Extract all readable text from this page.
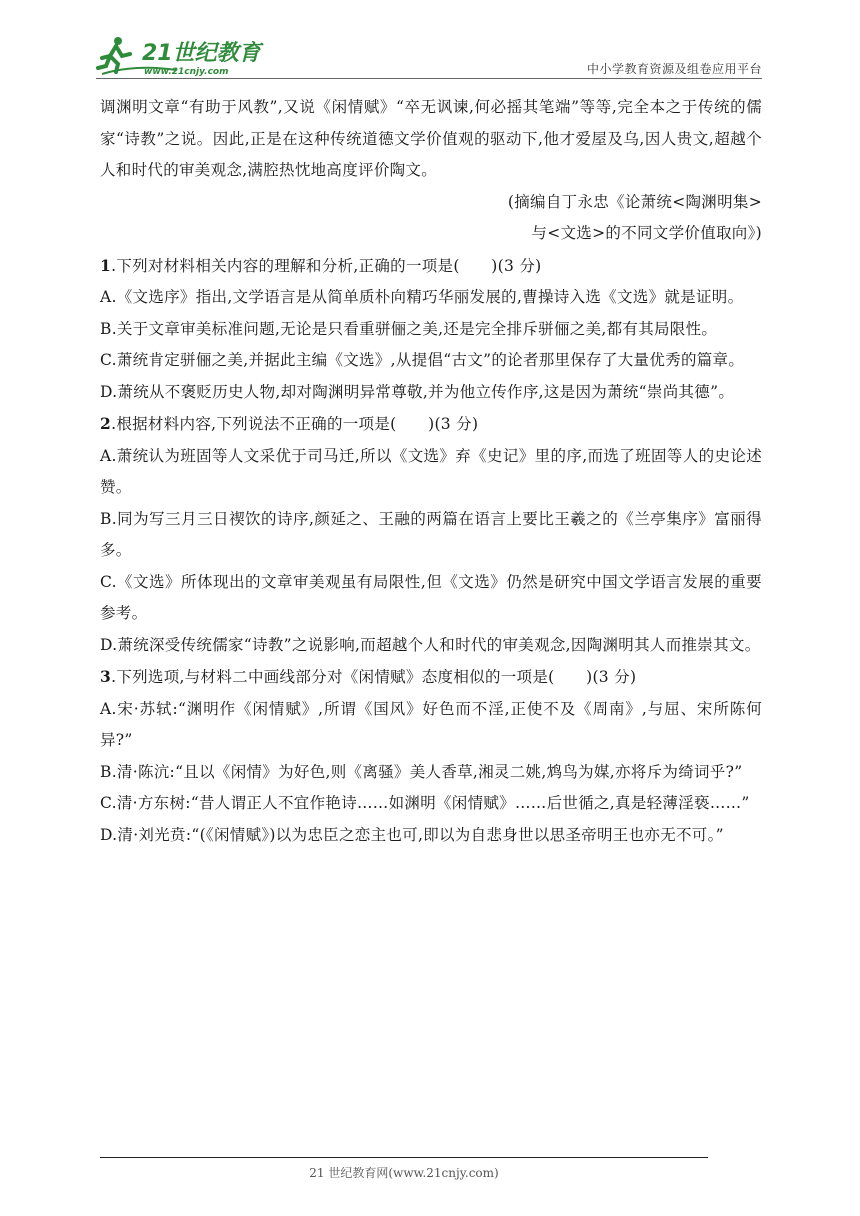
21世纪教育
www.21cnjy.com	中小学教育资源及组卷应用平台

调渊明文章“有助于风教”,又说《闲情赋》“卒无讽谏,何必摇其笔端”等等,完全本之于传统的儒家“诗教”之说。因此,正是在这种传统道德文学价值观的驱动下,他才爱屋及乌,因人贵文,超越个人和时代的审美观念,满腔热忱地高度评价陶文。

(摘编自丁永忠《论萧统<陶渊明集>

与<文选>的不同文学价值取向》)

1.下列对材料相关内容的理解和分析,正确的一项是(　　)(3 分)

A.《文选序》指出,文学语言是从简单质朴向精巧华丽发展的,曹操诗入选《文选》就是证明。

B.关于文章审美标准问题,无论是只看重骈俪之美,还是完全排斥骈俪之美,都有其局限性。

C.萧统肯定骈俪之美,并据此主编《文选》,从提倡“古文”的论者那里保存了大量优秀的篇章。

D.萧统从不褒贬历史人物,却对陶渊明异常尊敬,并为他立传作序,这是因为萧统“崇尚其德”。

2.根据材料内容,下列说法不正确的一项是(　　)(3 分)

A.萧统认为班固等人文采优于司马迁,所以《文选》弃《史记》里的序,而选了班固等人的史论述赞。

B.同为写三月三日禊饮的诗序,颜延之、王融的两篇在语言上要比王羲之的《兰亭集序》富丽得多。

C.《文选》所体现出的文章审美观虽有局限性,但《文选》仍然是研究中国文学语言发展的重要参考。

D.萧统深受传统儒家“诗教”之说影响,而超越个人和时代的审美观念,因陶渊明其人而推崇其文。

3.下列选项,与材料二中画线部分对《闲情赋》态度相似的一项是(　　)(3 分)

A.宋·苏轼:“渊明作《闲情赋》,所谓《国风》好色而不淫,正使不及《周南》,与屈、宋所陈何异?”

B.清·陈沆:“且以《闲情》为好色,则《离骚》美人香草,湘灵二姚,鸩鸟为媒,亦将斥为绮词乎?”

C.清·方东树:“昔人谓正人不宜作艳诗……如渊明《闲情赋》……后世循之,真是轻薄淫亵……”

D.清·刘光贲:“(《闲情赋》)以为忠臣之恋主也可,即以为自悲身世以思圣帝明王也亦无不可。”

21 世纪教育网(www.21cnjy.com)
